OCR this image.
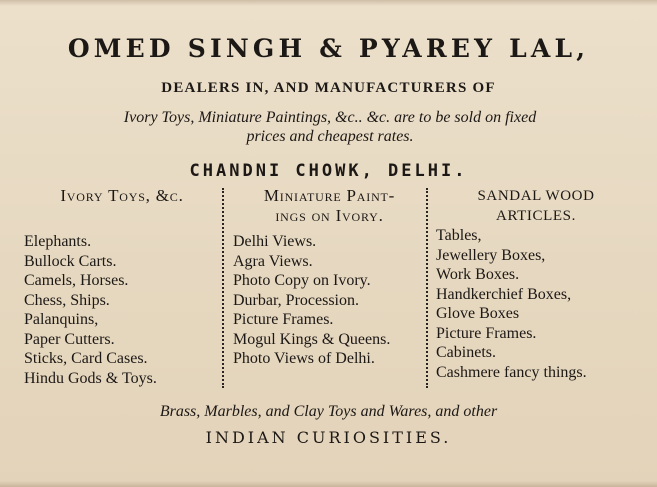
OMED SINGH & PYAREY LAL,
DEALERS IN, AND MANUFACTURERS OF
Ivory Toys, Miniature Paintings, &c.. &c. are to be sold on fixed
prices and cheapest rates.
CHANDNI CHOWK, DELHI.
Ivory Toys, &c.
Elephants.
Bullock Carts.
Camels, Horses.
Chess, Ships.
Palanquins,
Paper Cutters.
Sticks, Card Cases.
Hindu Gods & Toys.
Miniature Paint-
ings on Ivory.
Delhi Views.
Agra Views.
Photo Copy on Ivory.
Durbar, Procession.
Picture Frames.
Mogul Kings & Queens.
Photo Views of Delhi.
SANDAL WOOD
ARTICLES.
Tables,
Jewellery Boxes,
Work Boxes.
Handkerchief Boxes,
Glove Boxes
Picture Frames.
Cabinets.
Cashmere fancy things.
Brass, Marbles, and Clay Toys and Wares, and other
INDIAN CURIOSITIES.
